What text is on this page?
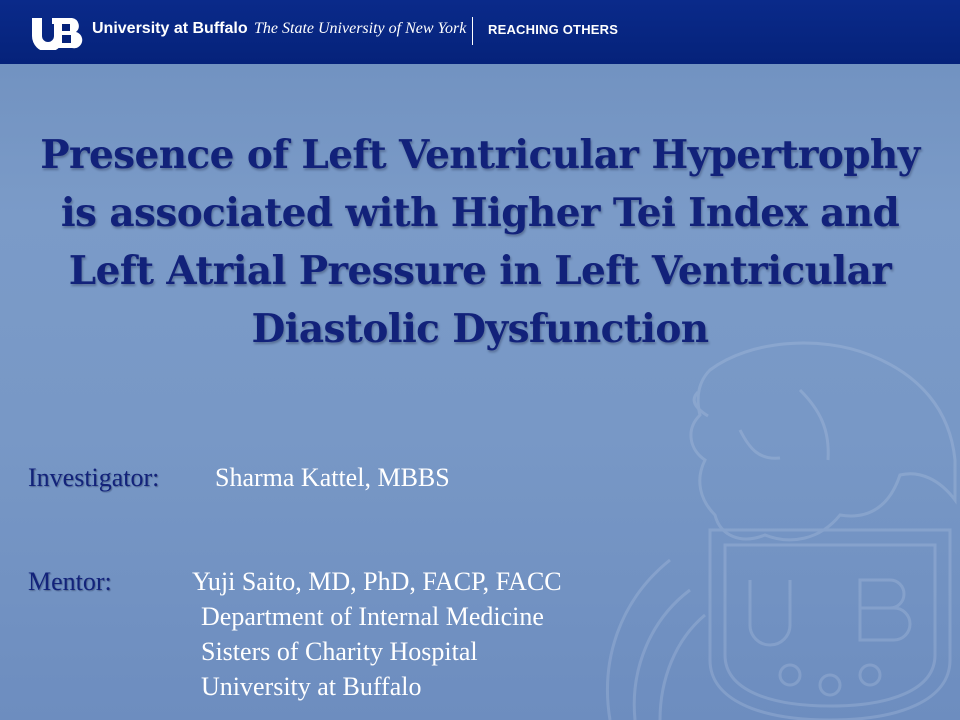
University at Buffalo The State University of New York REACHING OTHERS
Presence of Left Ventricular Hypertrophy is associated with Higher Tei Index and Left Atrial Pressure in Left Ventricular Diastolic Dysfunction
Investigator: Sharma Kattel, MBBS
Mentor:	Yuji Saito, MD, PhD, FACP, FACC
Department of Internal Medicine
Sisters of Charity Hospital
University at Buffalo
